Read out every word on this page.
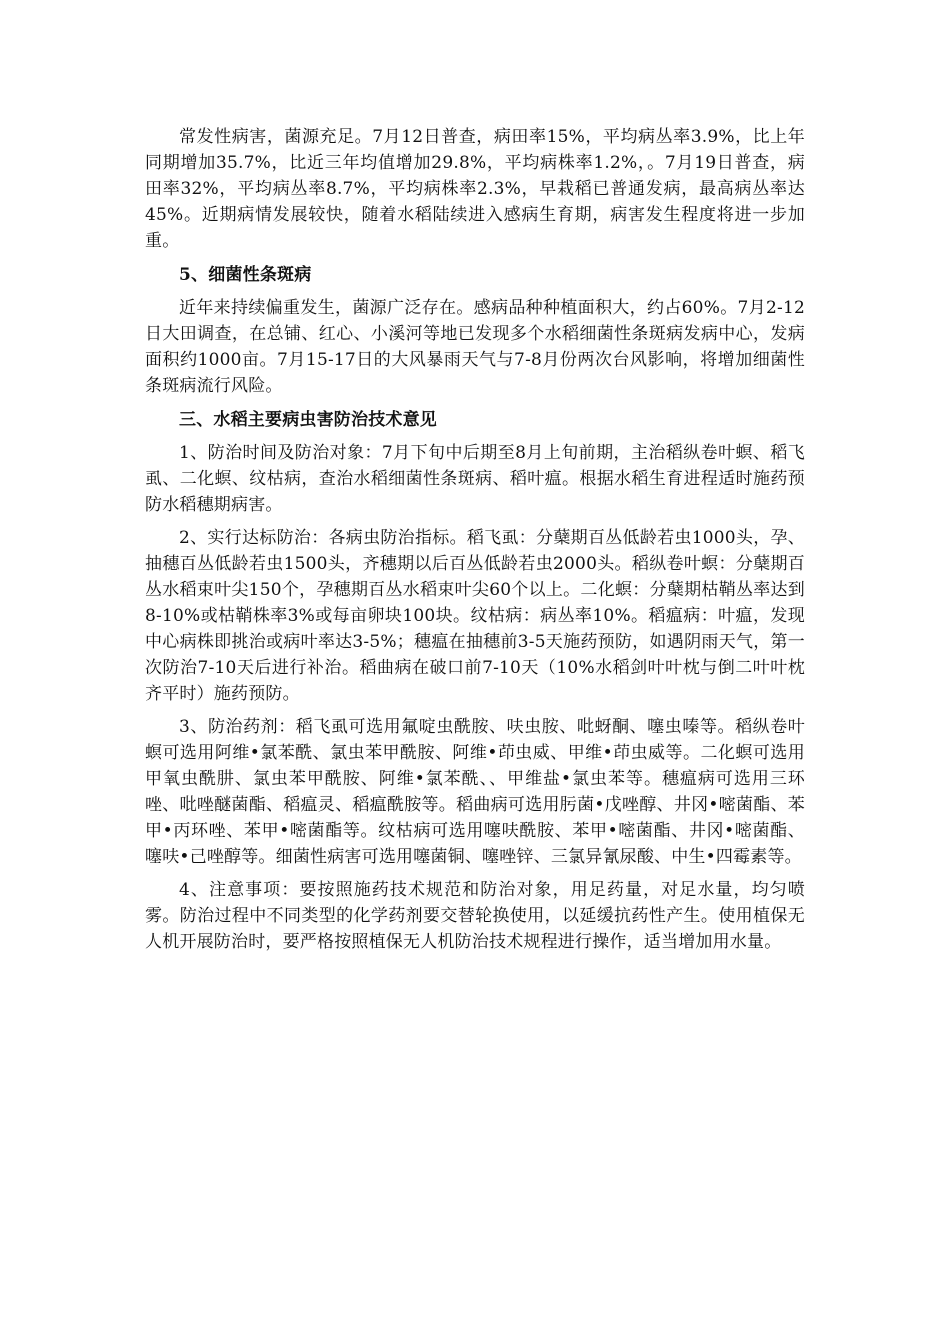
常发性病害，菌源充足。7月12日普查，病田率15%，平均病丛率3.9%，比上年同期增加35.7%，比近三年均值增加29.8%，平均病株率1.2%，。7月19日普查，病田率32%，平均病丛率8.7%，平均病株率2.3%，早栽稻已普通发病，最高病丛率达45%。近期病情发展较快，随着水稻陆续进入感病生育期，病害发生程度将进一步加重。

5、细菌性条斑病

近年来持续偏重发生，菌源广泛存在。感病品种种植面积大，约占60%。7月2-12日大田调查，在总铺、红心、小溪河等地已发现多个水稻细菌性条斑病发病中心，发病面积约1000亩。7月15-17日的大风暴雨天气与7-8月份两次台风影响，将增加细菌性条斑病流行风险。

三、水稻主要病虫害防治技术意见

1、防治时间及防治对象：7月下旬中后期至8月上旬前期，主治稻纵卷叶螟、稻飞虱、二化螟、纹枯病，查治水稻细菌性条斑病、稻叶瘟。根据水稻生育进程适时施药预防水稻穗期病害。

2、实行达标防治：各病虫防治指标。稻飞虱：分蘖期百丛低龄若虫1000头，孕、抽穗百丛低龄若虫1500头，齐穗期以后百丛低龄若虫2000头。稻纵卷叶螟：分蘖期百丛水稻束叶尖150个，孕穗期百丛水稻束叶尖60个以上。二化螟：分蘖期枯鞘丛率达到8-10%或枯鞘株率3%或每亩卵块100块。纹枯病：病丛率10%。稻瘟病：叶瘟，发现中心病株即挑治或病叶率达3-5%；穗瘟在抽穗前3-5天施药预防，如遇阴雨天气，第一次防治7-10天后进行补治。稻曲病在破口前7-10天（10%水稻剑叶叶枕与倒二叶叶枕齐平时）施药预防。

3、防治药剂：稻飞虱可选用氟啶虫酰胺、呋虫胺、吡蚜酮、噻虫嗪等。稻纵卷叶螟可选用阿维•氯苯酰、氯虫苯甲酰胺、阿维•茚虫威、甲维•茚虫威等。二化螟可选用甲氧虫酰肼、氯虫苯甲酰胺、阿维•氯苯酰、、甲维盐•氯虫苯等。穗瘟病可选用三环唑、吡唑醚菌酯、稻瘟灵、稻瘟酰胺等。稻曲病可选用肟菌•戊唑醇、井冈•嘧菌酯、苯甲•丙环唑、苯甲•嘧菌酯等。纹枯病可选用噻呋酰胺、苯甲•嘧菌酯、井冈•嘧菌酯、噻呋•己唑醇等。细菌性病害可选用噻菌铜、噻唑锌、三氯异氰尿酸、中生•四霉素等。

4、注意事项：要按照施药技术规范和防治对象，用足药量，对足水量，均匀喷雾。防治过程中不同类型的化学药剂要交替轮换使用，以延缓抗药性产生。使用植保无人机开展防治时，要严格按照植保无人机防治技术规程进行操作，适当增加用水量。
